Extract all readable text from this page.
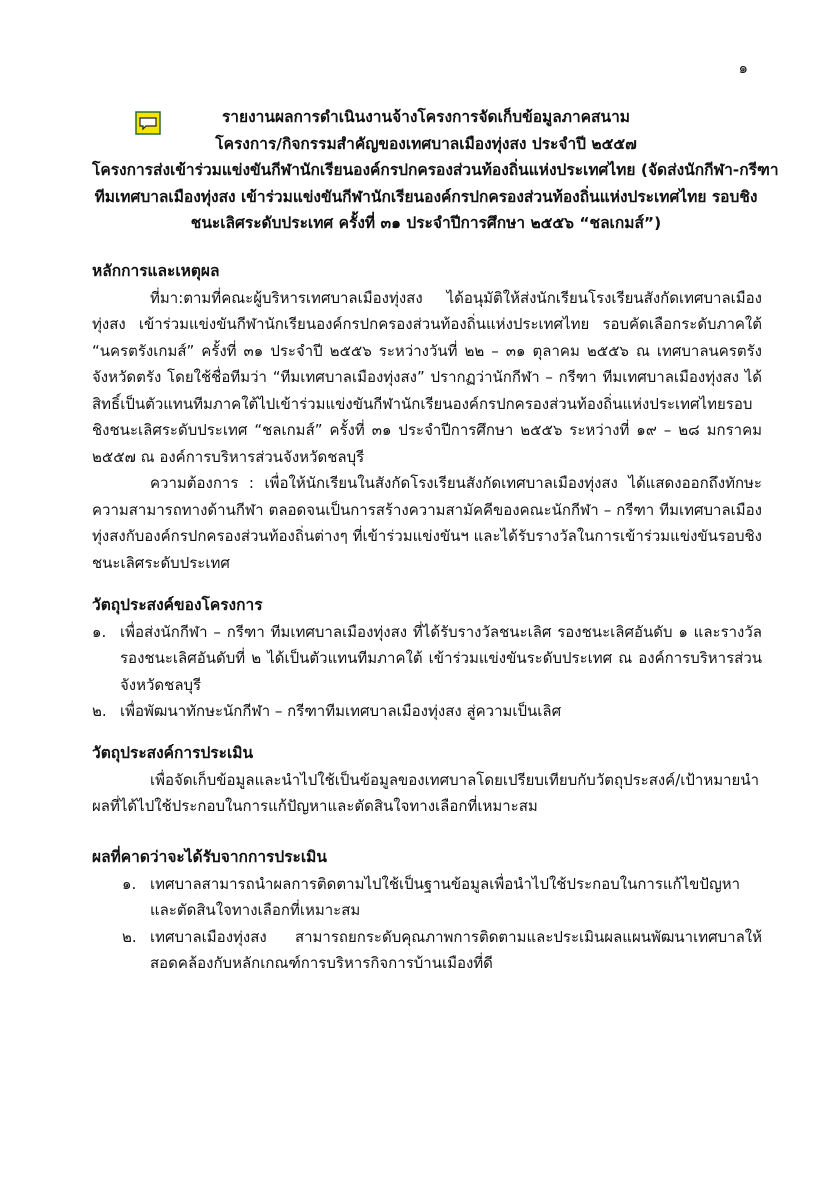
๑
รายงานผลการดำเนินงานจ้างโครงการจัดเก็บข้อมูลภาคสนาม
โครงการ/กิจกรรมสำคัญของเทศบาลเมืองทุ่งสง ประจำปี ๒๕๕๗
โครงการส่งเข้าร่วมแข่งขันกีฬานักเรียนองค์กรปกครองส่วนท้องถิ่นแห่งประเทศไทย (จัดส่งนักกีฬา-กรีฑา
ทีมเทศบาลเมืองทุ่งสง เข้าร่วมแข่งขันกีฬานักเรียนองค์กรปกครองส่วนท้องถิ่นแห่งประเทศไทย รอบชิง
ชนะเลิศระดับประเทศ ครั้งที่ ๓๑ ประจำปีการศึกษา ๒๕๕๖ “ชลเกมส์”)
หลักการและเหตุผล

ที่มา:ตามที่คณะผู้บริหารเทศบาลเมืองทุ่งสง ได้อนุมัติให้ส่งนักเรียนโรงเรียนสังกัดเทศบาลเมืองทุ่งสง เข้าร่วมแข่งขันกีฬานักเรียนองค์กรปกครองส่วนท้องถิ่นแห่งประเทศไทย รอบคัดเลือกระดับภาคใต้ “นครตรังเกมส์” ครั้งที่ ๓๑ ประจำปี ๒๕๕๖ ระหว่างวันที่ ๒๒ – ๓๑ ตุลาคม ๒๕๕๖ ณ เทศบาลนครตรัง จังหวัดตรัง โดยใช้ชื่อทีมว่า “ทีมเทศบาลเมืองทุ่งสง” ปรากฏว่านักกีฬา – กรีฑา ทีมเทศบาลเมืองทุ่งสง ได้สิทธิ์เป็นตัวแทนทีมภาคใต้ไปเข้าร่วมแข่งขันกีฬานักเรียนองค์กรปกครองส่วนท้องถิ่นแห่งประเทศไทยรอบชิงชนะเลิศระดับประเทศ “ชลเกมส์” ครั้งที่ ๓๑ ประจำปีการศึกษา ๒๕๕๖ ระหว่างที่ ๑๙ – ๒๘ มกราคม ๒๕๕๗ ณ องค์การบริหารส่วนจังหวัดชลบุรี

ความต้องการ : เพื่อให้นักเรียนในสังกัดโรงเรียนสังกัดเทศบาลเมืองทุ่งสง ได้แสดงออกถึงทักษะความสามารถทางด้านกีฬา ตลอดจนเป็นการสร้างความสามัคคีของคณะนักกีฬา – กรีฑา ทีมเทศบาลเมืองทุ่งสงกับองค์กรปกครองส่วนท้องถิ่นต่างๆ ที่เข้าร่วมแข่งขันฯ และได้รับรางวัลในการเข้าร่วมแข่งขันรอบชิงชนะเลิศระดับประเทศ

วัตถุประสงค์ของโครงการ
๑. เพื่อส่งนักกีฬา – กรีฑา ทีมเทศบาลเมืองทุ่งสง ที่ได้รับรางวัลชนะเลิศ รองชนะเลิศอันดับ ๑ และรางวัลรองชนะเลิศอันดับที่ ๒ ได้เป็นตัวแทนทีมภาคใต้ เข้าร่วมแข่งขันระดับประเทศ ณ องค์การบริหารส่วนจังหวัดชลบุรี
๒. เพื่อพัฒนาทักษะนักกีฬา – กรีฑาทีมเทศบาลเมืองทุ่งสง สู่ความเป็นเลิศ
วัตถุประสงค์การประเมิน

เพื่อจัดเก็บข้อมูลและนำไปใช้เป็นข้อมูลของเทศบาลโดยเปรียบเทียบกับวัตถุประสงค์/เป้าหมายนำผลที่ได้ไปใช้ประกอบในการแก้ปัญหาและตัดสินใจทางเลือกที่เหมาะสม

ผลที่คาดว่าจะได้รับจากการประเมิน
๑. เทศบาลสามารถนำผลการติดตามไปใช้เป็นฐานข้อมูลเพื่อนำไปใช้ประกอบในการแก้ไขปัญหาและตัดสินใจทางเลือกที่เหมาะสม
๒. เทศบาลเมืองทุ่งสง สามารถยกระดับคุณภาพการติดตามและประเมินผลแผนพัฒนาเทศบาลให้สอดคล้องกับหลักเกณฑ์การบริหารกิจการบ้านเมืองที่ดี
